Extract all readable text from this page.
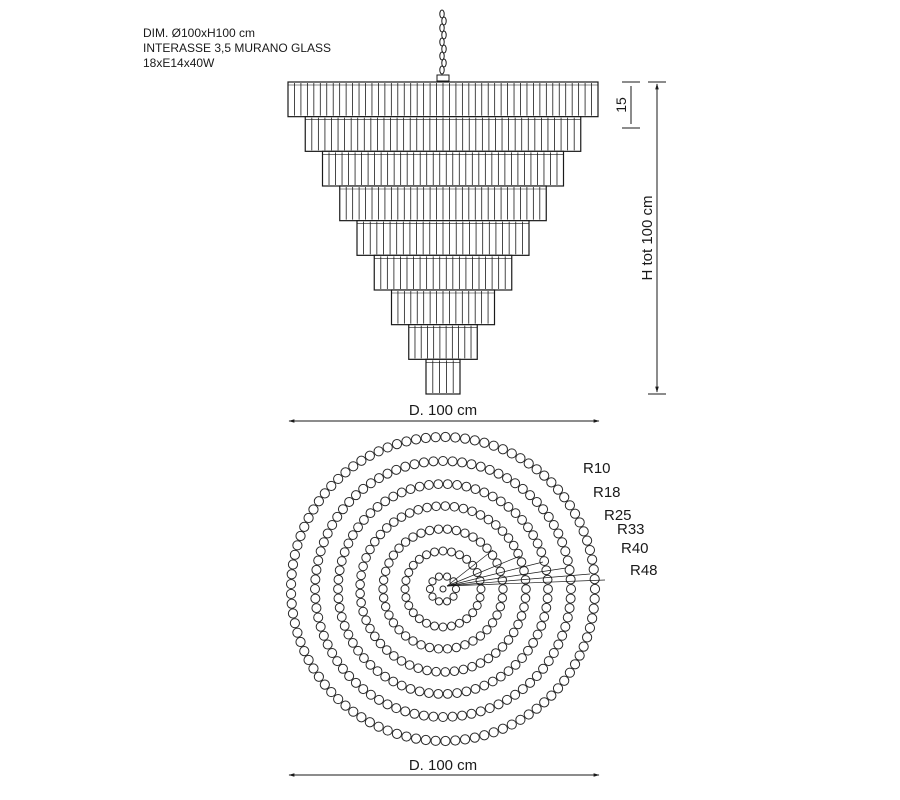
DIM. Ø100xH100 cm
INTERASSE 3,5 MURANO GLASS
18xE14x40W
15
H tot 100 cm
D. 100 cm
R10
R18
R25
R33
R40
R48
D. 100 cm
